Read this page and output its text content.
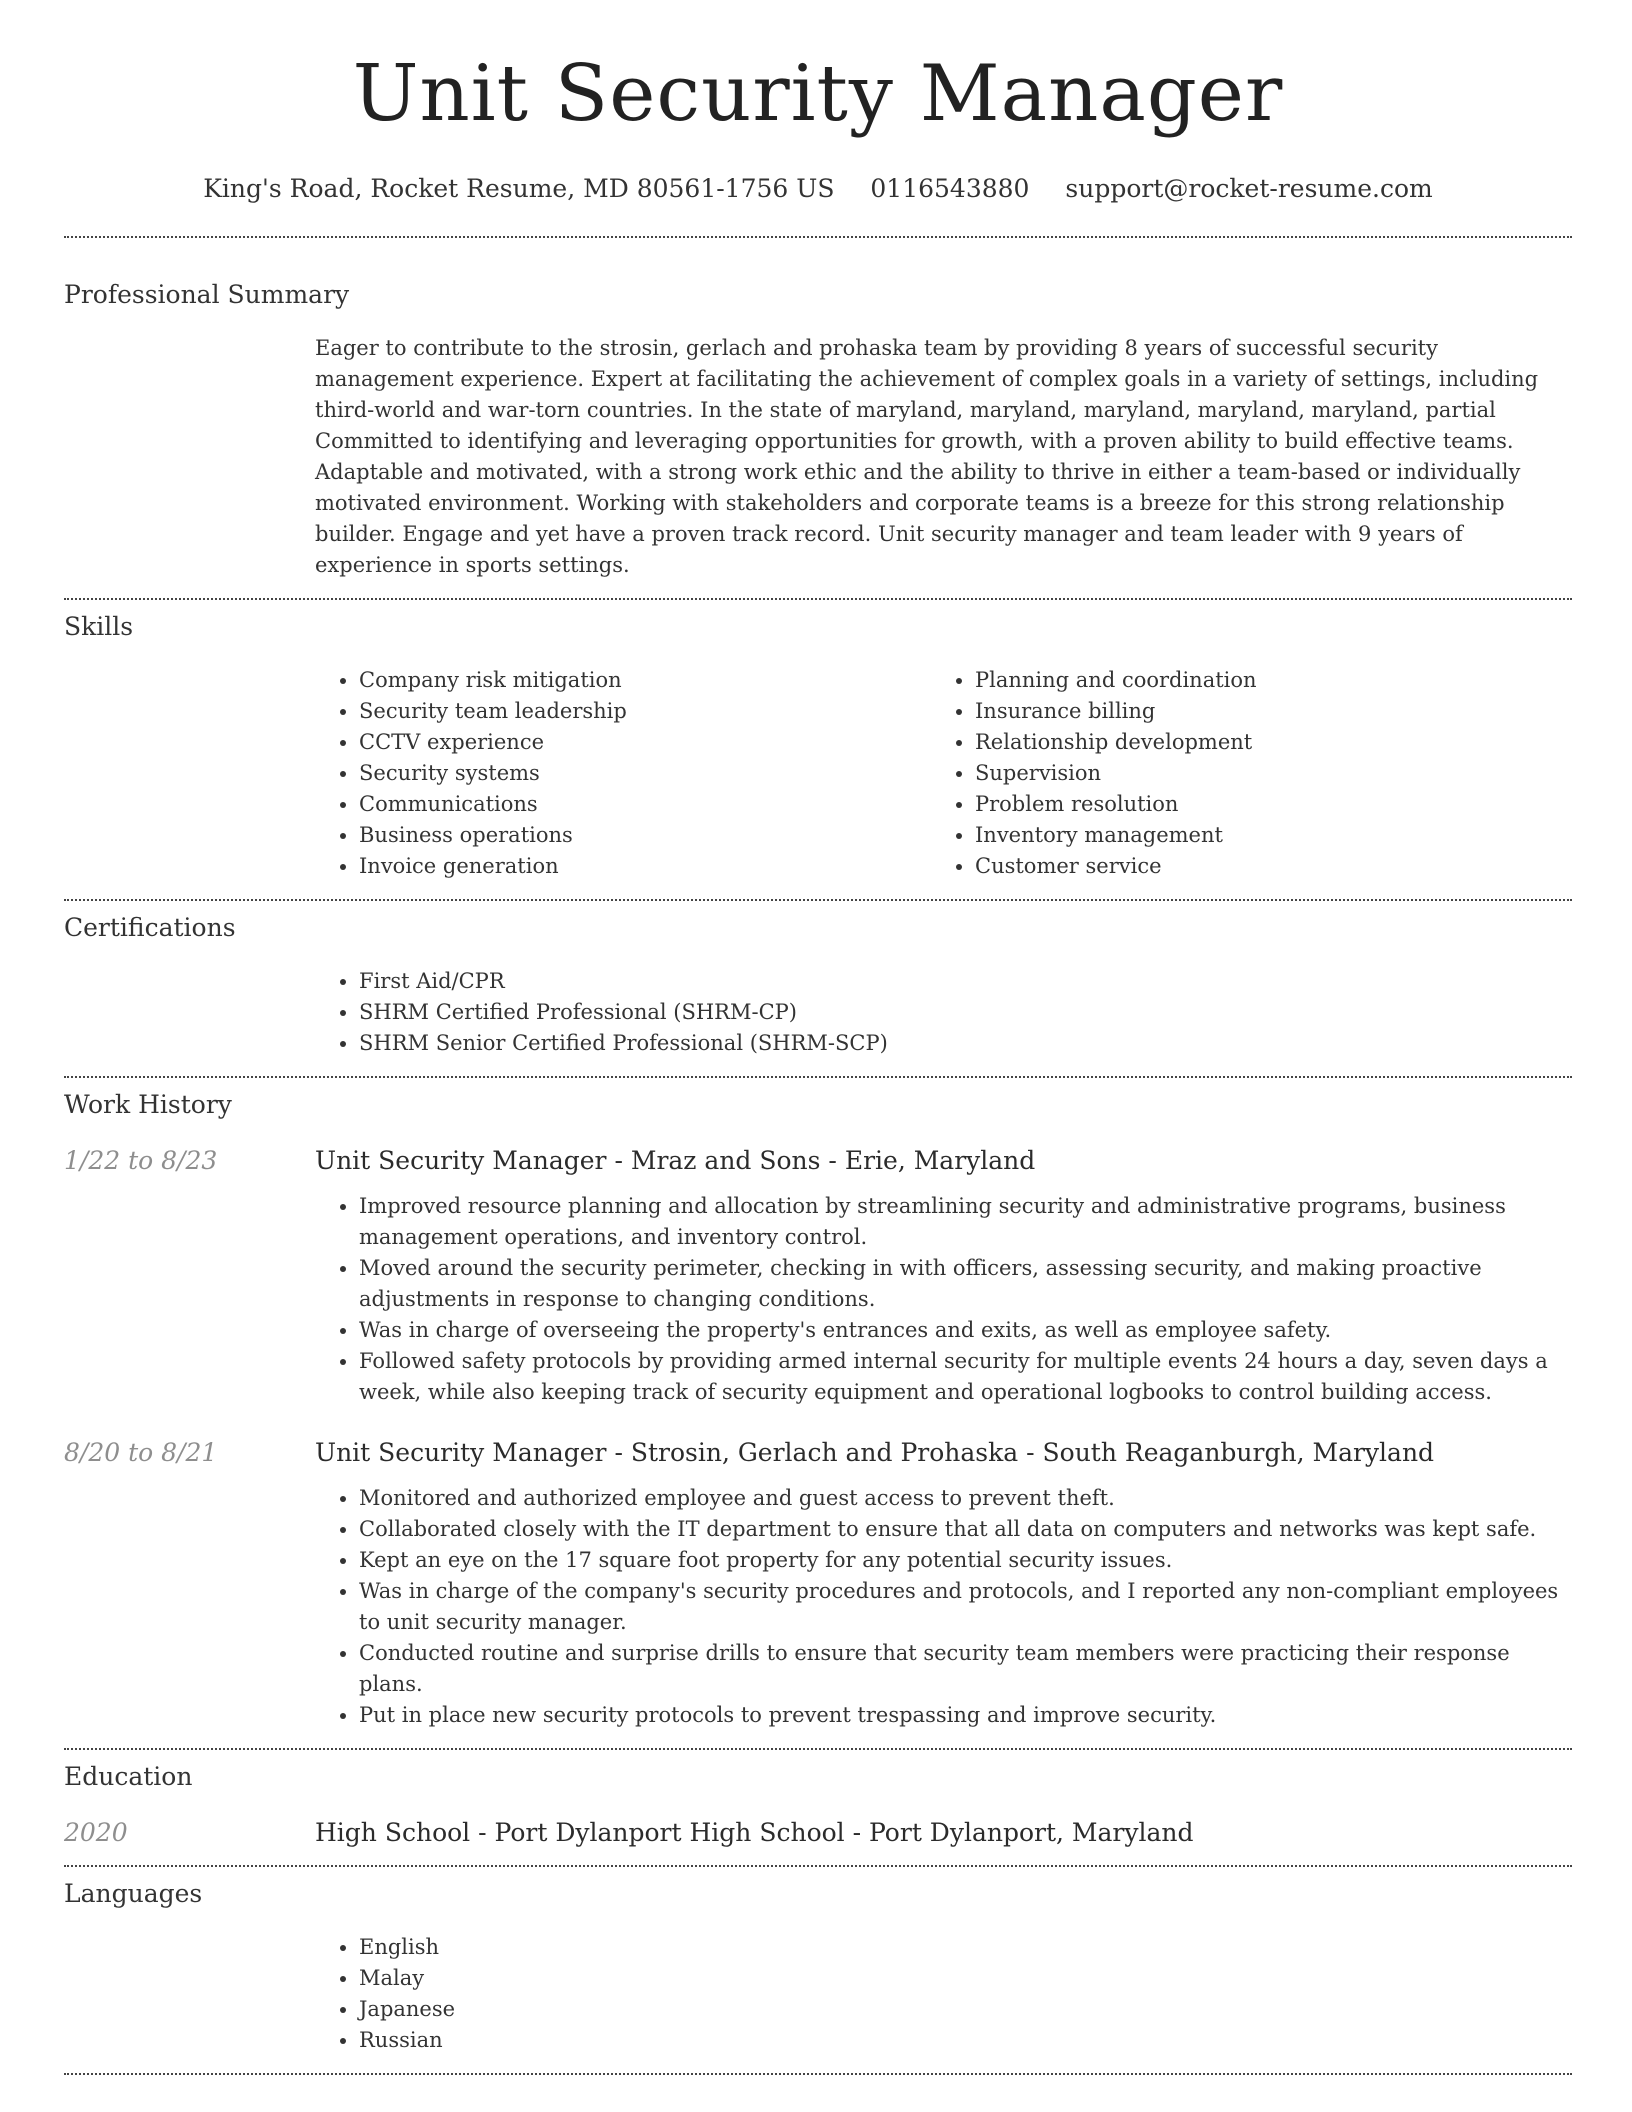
Unit Security Manager
King's Road, Rocket Resume, MD 80561-1756 US 0116543880 support@rocket-resume.com
Professional Summary
Eager to contribute to the strosin, gerlach and prohaska team by providing 8 years of successful security management experience. Expert at facilitating the achievement of complex goals in a variety of settings, including third-world and war-torn countries. In the state of maryland, maryland, maryland, maryland, maryland, partial Committed to identifying and leveraging opportunities for growth, with a proven ability to build effective teams. Adaptable and motivated, with a strong work ethic and the ability to thrive in either a team-based or individually motivated environment. Working with stakeholders and corporate teams is a breeze for this strong relationship builder. Engage and yet have a proven track record. Unit security manager and team leader with 9 years of experience in sports settings.
Skills
• Company risk mitigation
• Security team leadership
• CCTV experience
• Security systems
• Communications
• Business operations
• Invoice generation
• Planning and coordination
• Insurance billing
• Relationship development
• Supervision
• Problem resolution
• Inventory management
• Customer service
Certifications
• First Aid/CPR
• SHRM Certified Professional (SHRM-CP)
• SHRM Senior Certified Professional (SHRM-SCP)
Work History
1/22 to 8/23	Unit Security Manager - Mraz and Sons - Erie, Maryland
• Improved resource planning and allocation by streamlining security and administrative programs, business management operations, and inventory control.
• Moved around the security perimeter, checking in with officers, assessing security, and making proactive adjustments in response to changing conditions.
• Was in charge of overseeing the property's entrances and exits, as well as employee safety.
• Followed safety protocols by providing armed internal security for multiple events 24 hours a day, seven days a week, while also keeping track of security equipment and operational logbooks to control building access.
8/20 to 8/21	Unit Security Manager - Strosin, Gerlach and Prohaska - South Reaganburgh, Maryland
• Monitored and authorized employee and guest access to prevent theft.
• Collaborated closely with the IT department to ensure that all data on computers and networks was kept safe.
• Kept an eye on the 17 square foot property for any potential security issues.
• Was in charge of the company's security procedures and protocols, and I reported any non-compliant employees to unit security manager.
• Conducted routine and surprise drills to ensure that security team members were practicing their response plans.
• Put in place new security protocols to prevent trespassing and improve security.
Education
2020	High School - Port Dylanport High School - Port Dylanport, Maryland
Languages
• English
• Malay
• Japanese
• Russian
